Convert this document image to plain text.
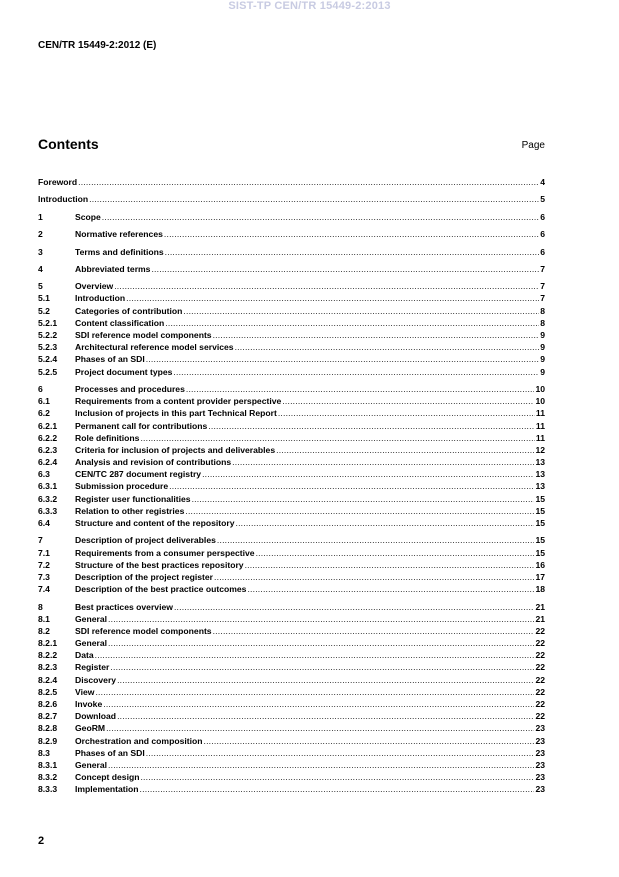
SIST-TP CEN/TR 15449-2:2013
CEN/TR 15449-2:2012 (E)
Contents	Page
Foreword .....	4
Introduction .....	5
1	Scope .....	6
2	Normative references .....	6
3	Terms and definitions .....	6
4	Abbreviated terms .....	7
5	Overview .....	7
5.1	Introduction .....	7
5.2	Categories of contribution .....	8
5.2.1	Content classification .....	8
5.2.2	SDI reference model components .....	9
5.2.3	Architectural reference model services .....	9
5.2.4	Phases of an SDI .....	9
5.2.5	Project document types .....	9
6	Processes and procedures .....	10
6.1	Requirements from a content provider perspective .....	10
6.2	Inclusion of projects in this part Technical Report .....	11
6.2.1	Permanent call for contributions .....	11
6.2.2	Role definitions .....	11
6.2.3	Criteria for inclusion of projects and deliverables .....	12
6.2.4	Analysis and revision of contributions .....	13
6.3	CEN/TC 287 document registry .....	13
6.3.1	Submission procedure .....	13
6.3.2	Register user functionalities .....	15
6.3.3	Relation to other registries .....	15
6.4	Structure and content of the repository .....	15
7	Description of project deliverables .....	15
7.1	Requirements from a consumer perspective .....	15
7.2	Structure of the best practices repository .....	16
7.3	Description of the project register .....	17
7.4	Description of the best practice outcomes .....	18
8	Best practices overview .....	21
8.1	General .....	21
8.2	SDI reference model components .....	22
8.2.1	General .....	22
8.2.2	Data .....	22
8.2.3	Register .....	22
8.2.4	Discovery .....	22
8.2.5	View .....	22
8.2.6	Invoke .....	22
8.2.7	Download .....	22
8.2.8	GeoRM .....	23
8.2.9	Orchestration and composition .....	23
8.3	Phases of an SDI .....	23
8.3.1	General .....	23
8.3.2	Concept design .....	23
8.3.3	Implementation .....	23
2
